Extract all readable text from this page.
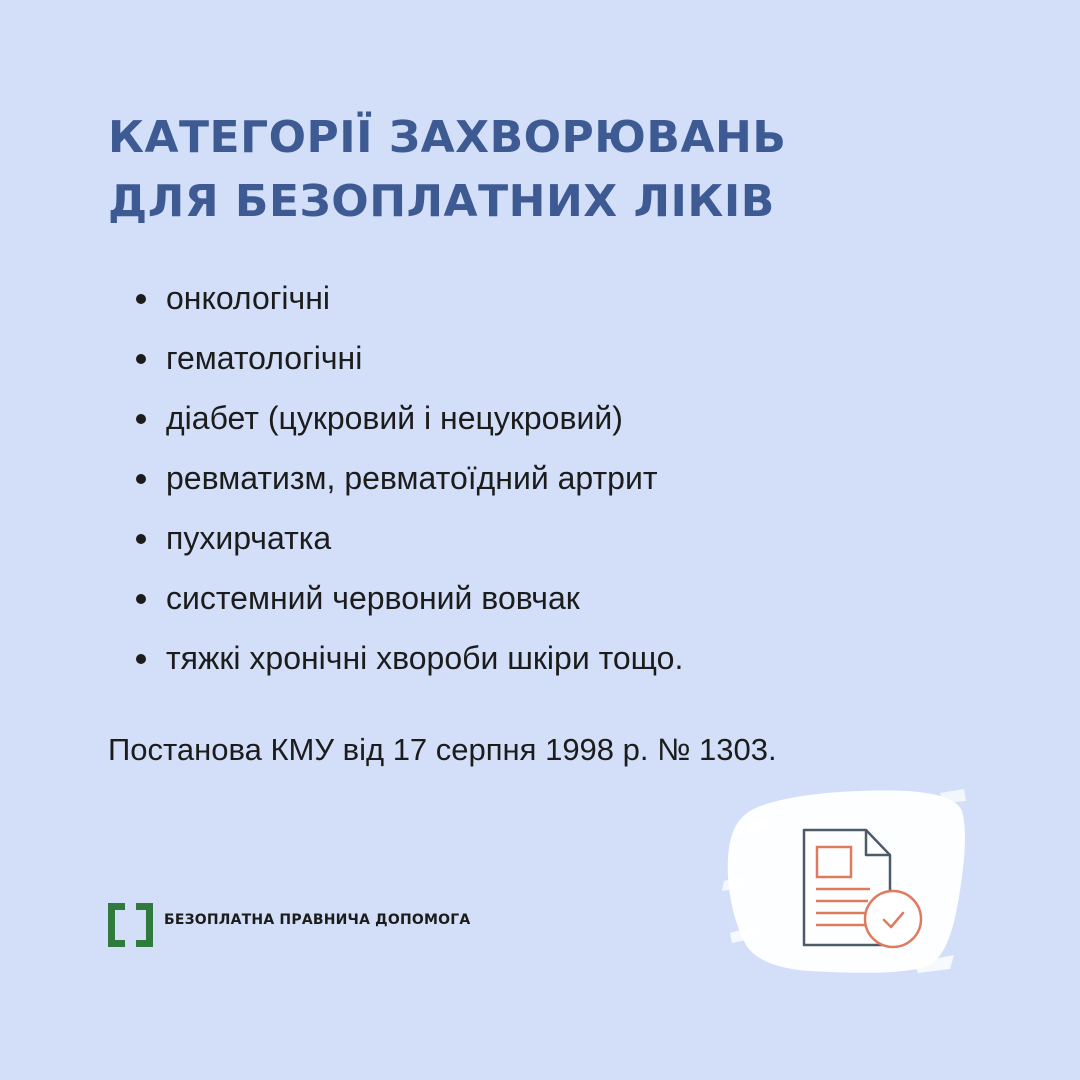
КАТЕГОРІЇ ЗАХВОРЮВАНЬ
ДЛЯ БЕЗОПЛАТНИХ ЛІКІВ
онкологічні
гематологічні
діабет (цукровий і нецукровий)
ревматизм, ревматоїдний артрит
пухирчатка
системний червоний вовчак
тяжкі хронічні хвороби шкіри тощо.
Постанова КМУ від 17 серпня 1998 р. № 1303.
БЕЗОПЛАТНА ПРАВНИЧА ДОПОМОГА
